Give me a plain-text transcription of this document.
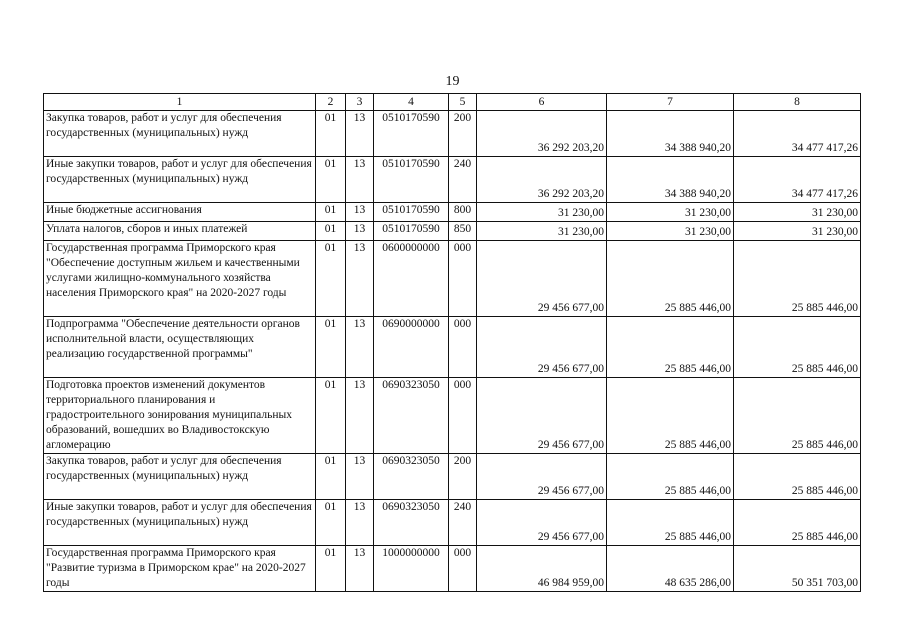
19
1	2	3	4	5	6	7	8
Закупка товаров, работ и услуг для обеспечения государственных (муниципальных) нужд	01	13	0510170590	200	36 292 203,20	34 388 940,20	34 477 417,26
Иные закупки товаров, работ и услуг для обеспечения государственных (муниципальных) нужд	01	13	0510170590	240	36 292 203,20	34 388 940,20	34 477 417,26
Иные бюджетные ассигнования	01	13	0510170590	800	31 230,00	31 230,00	31 230,00
Уплата налогов, сборов и иных платежей	01	13	0510170590	850	31 230,00	31 230,00	31 230,00
Государственная программа Приморского края "Обеспечение доступным жильем и качественными услугами жилищно-коммунального хозяйства населения Приморского края" на 2020-2027 годы	01	13	0600000000	000	29 456 677,00	25 885 446,00	25 885 446,00
Подпрограмма "Обеспечение деятельности органов исполнительной власти, осуществляющих реализацию государственной программы"	01	13	0690000000	000	29 456 677,00	25 885 446,00	25 885 446,00
Подготовка проектов изменений документов территориального планирования и градостроительного зонирования муниципальных образований, вошедших во Владивостокскую агломерацию	01	13	0690323050	000	29 456 677,00	25 885 446,00	25 885 446,00
Закупка товаров, работ и услуг для обеспечения государственных (муниципальных) нужд	01	13	0690323050	200	29 456 677,00	25 885 446,00	25 885 446,00
Иные закупки товаров, работ и услуг для обеспечения государственных (муниципальных) нужд	01	13	0690323050	240	29 456 677,00	25 885 446,00	25 885 446,00
Государственная программа Приморского края "Развитие туризма в Приморском крае" на 2020-2027 годы	01	13	1000000000	000	46 984 959,00	48 635 286,00	50 351 703,00
